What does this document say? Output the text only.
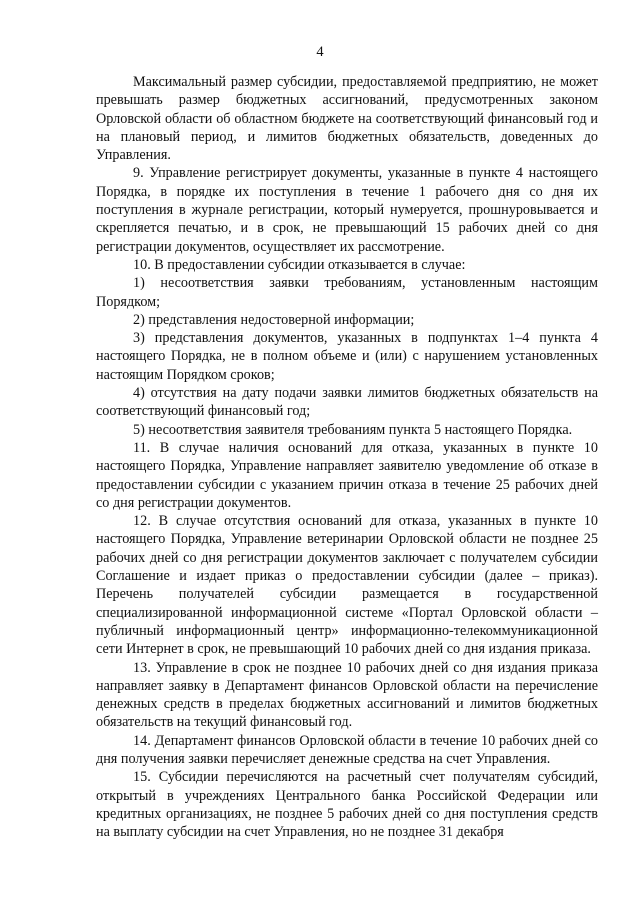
4

Максимальный размер субсидии, предоставляемой предприятию, не может превышать размер бюджетных ассигнований, предусмотренных законом Орловской области об областном бюджете на соответствующий финансовый год и на плановый период, и лимитов бюджетных обязательств, доведенных до Управления.

9. Управление регистрирует документы, указанные в пункте 4 настоящего Порядка, в порядке их поступления в течение 1 рабочего дня со дня их поступления в журнале регистрации, который нумеруется, прошнуровывается и скрепляется печатью, и в срок, не превышающий 15 рабочих дней со дня регистрации документов, осуществляет их рассмотрение.

10. В предоставлении субсидии отказывается в случае:

1) несоответствия заявки требованиям, установленным настоящим Порядком;

2) представления недостоверной информации;

3) представления документов, указанных в подпунктах 1–4 пункта 4 настоящего Порядка, не в полном объеме и (или) с нарушением установленных настоящим Порядком сроков;

4) отсутствия на дату подачи заявки лимитов бюджетных обязательств на соответствующий финансовый год;

5) несоответствия заявителя требованиям пункта 5 настоящего Порядка.

11. В случае наличия оснований для отказа, указанных в пункте 10 настоящего Порядка, Управление направляет заявителю уведомление об отказе в предоставлении субсидии с указанием причин отказа в течение 25 рабочих дней со дня регистрации документов.

12. В случае отсутствия оснований для отказа, указанных в пункте 10 настоящего Порядка, Управление ветеринарии Орловской области не позднее 25 рабочих дней со дня регистрации документов заключает с получателем субсидии Соглашение и издает приказ о предоставлении субсидии (далее – приказ). Перечень получателей субсидии размещается в государственной специализированной информационной системе «Портал Орловской области – публичный информационный центр» информационно-телекоммуникационной сети Интернет в срок, не превышающий 10 рабочих дней со дня издания приказа.

13. Управление в срок не позднее 10 рабочих дней со дня издания приказа направляет заявку в Департамент финансов Орловской области на перечисление денежных средств в пределах бюджетных ассигнований и лимитов бюджетных обязательств на текущий финансовый год.

14. Департамент финансов Орловской области в течение 10 рабочих дней со дня получения заявки перечисляет денежные средства на счет Управления.

15. Субсидии перечисляются на расчетный счет получателям субсидий, открытый в учреждениях Центрального банка Российской Федерации или кредитных организациях, не позднее 5 рабочих дней со дня поступления средств на выплату субсидии на счет Управления, но не позднее 31 декабря
